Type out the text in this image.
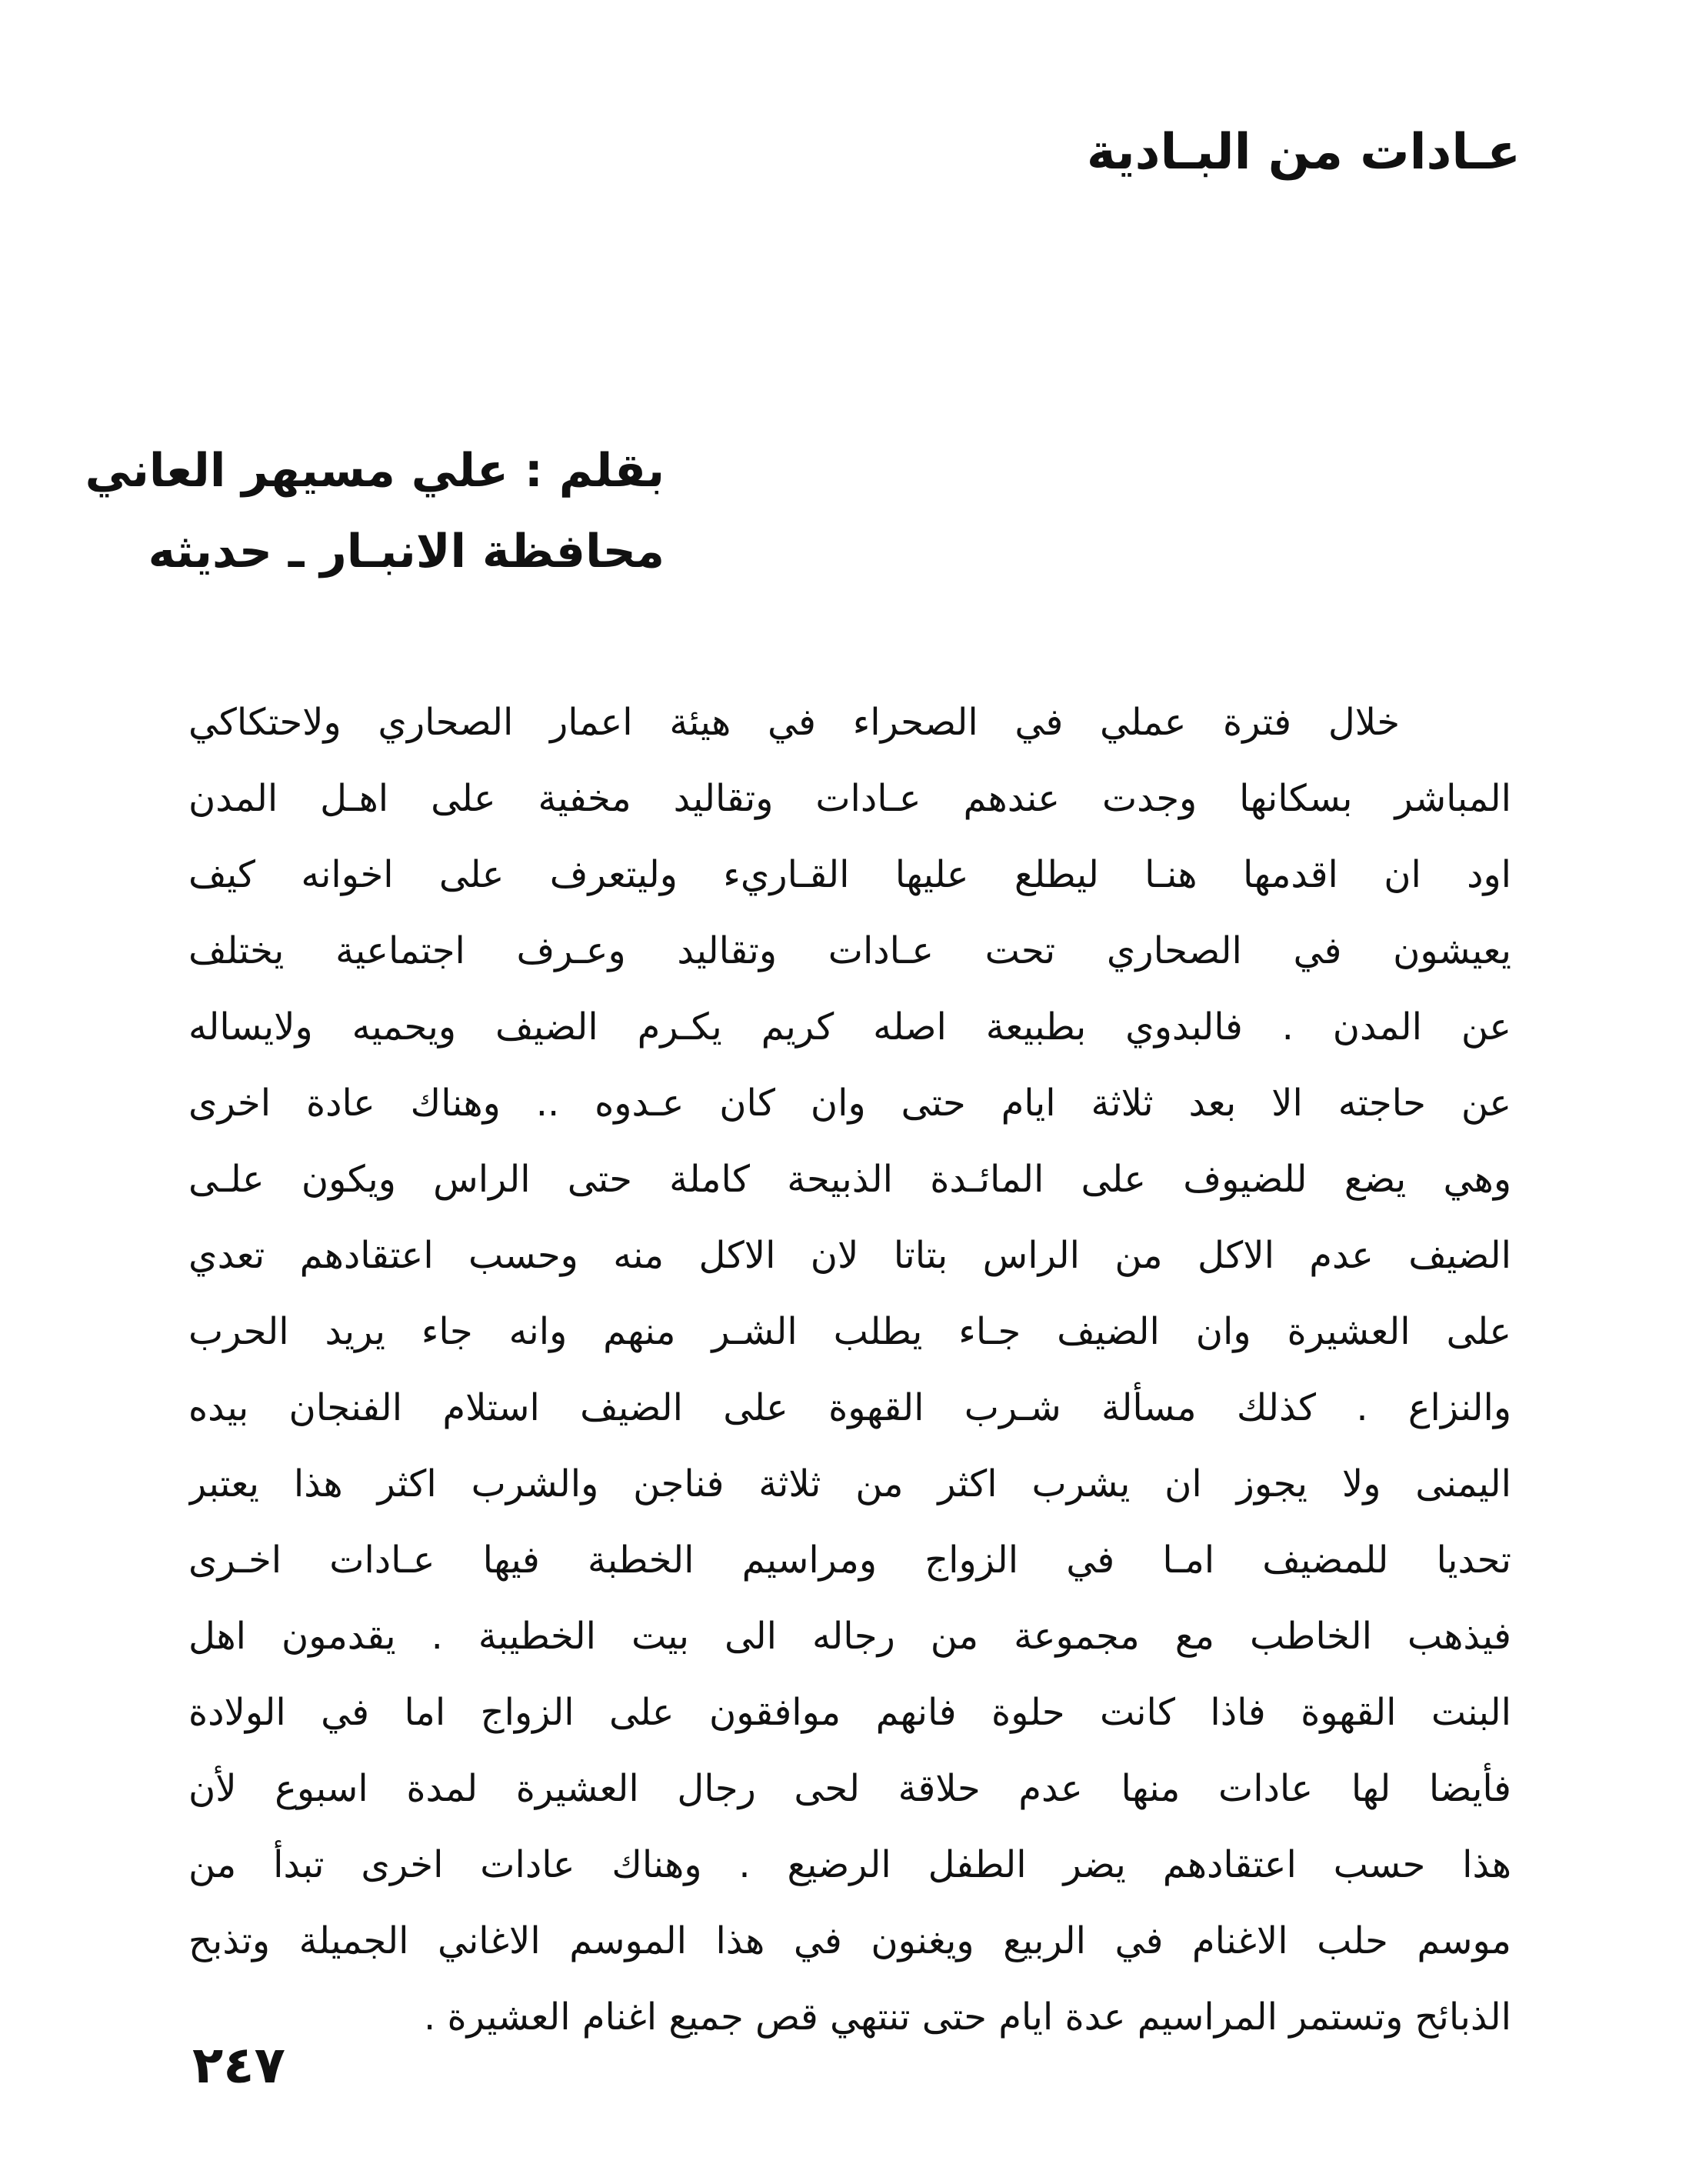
عـادات من البـادية
بقلم : علي مسيهر العاني
محافظة الانبـار ـ حديثه
خلال فترة عملي في الصحراء في هيئة اعمار الصحاري ولاحتكاكي
المباشر بسكانها وجدت عندهم عـادات وتقاليد مخفية على اهـل المدن
اود ان اقدمها هنـا ليطلع عليها القـاريء وليتعرف على اخوانه كيف
يعيشون في الصحاري تحت عـادات وتقاليد وعـرف اجتماعية يختلف
عن المدن . فالبدوي بطبيعة اصله كريم يكـرم الضيف ويحميه ولايساله
عن حاجته الا بعد ثلاثة ايام حتى وان كان عـدوه .. وهناك عادة اخرى
وهي يضع للضيوف على المائـدة الذبيحة كاملة حتى الراس ويكون علـى
الضيف عدم الاكل من الراس بتاتا لان الاكل منه وحسب اعتقادهم تعدي
على العشيرة وان الضيف جـاء يطلب الشـر منهم وانه جاء يريد الحرب
والنزاع . كذلك مسألة شـرب القهوة على الضيف استلام الفنجان بيده
اليمنى ولا يجوز ان يشرب اكثر من ثلاثة فناجن والشرب اكثر هذا يعتبر
تحديا للمضيف امـا في الزواج ومراسيم الخطبة فيها عـادات اخـرى
فيذهب الخاطب مع مجموعة من رجاله الى بيت الخطيبة . يقدمون اهل
البنت القهوة فاذا كانت حلوة فانهم موافقون على الزواج اما في الولادة
فأيضا لها عادات منها عدم حلاقة لحى رجال العشيرة لمدة اسبوع لأن
هذا حسب اعتقادهم يضر الطفل الرضيع . وهناك عادات اخرى تبدأ من
موسم حلب الاغنام في الربيع ويغنون في هذا الموسم الاغاني الجميلة وتذبح
الذبائح وتستمر المراسيم عدة ايام حتى تنتهي قص جميع اغنام العشيرة .
٢٤٧
